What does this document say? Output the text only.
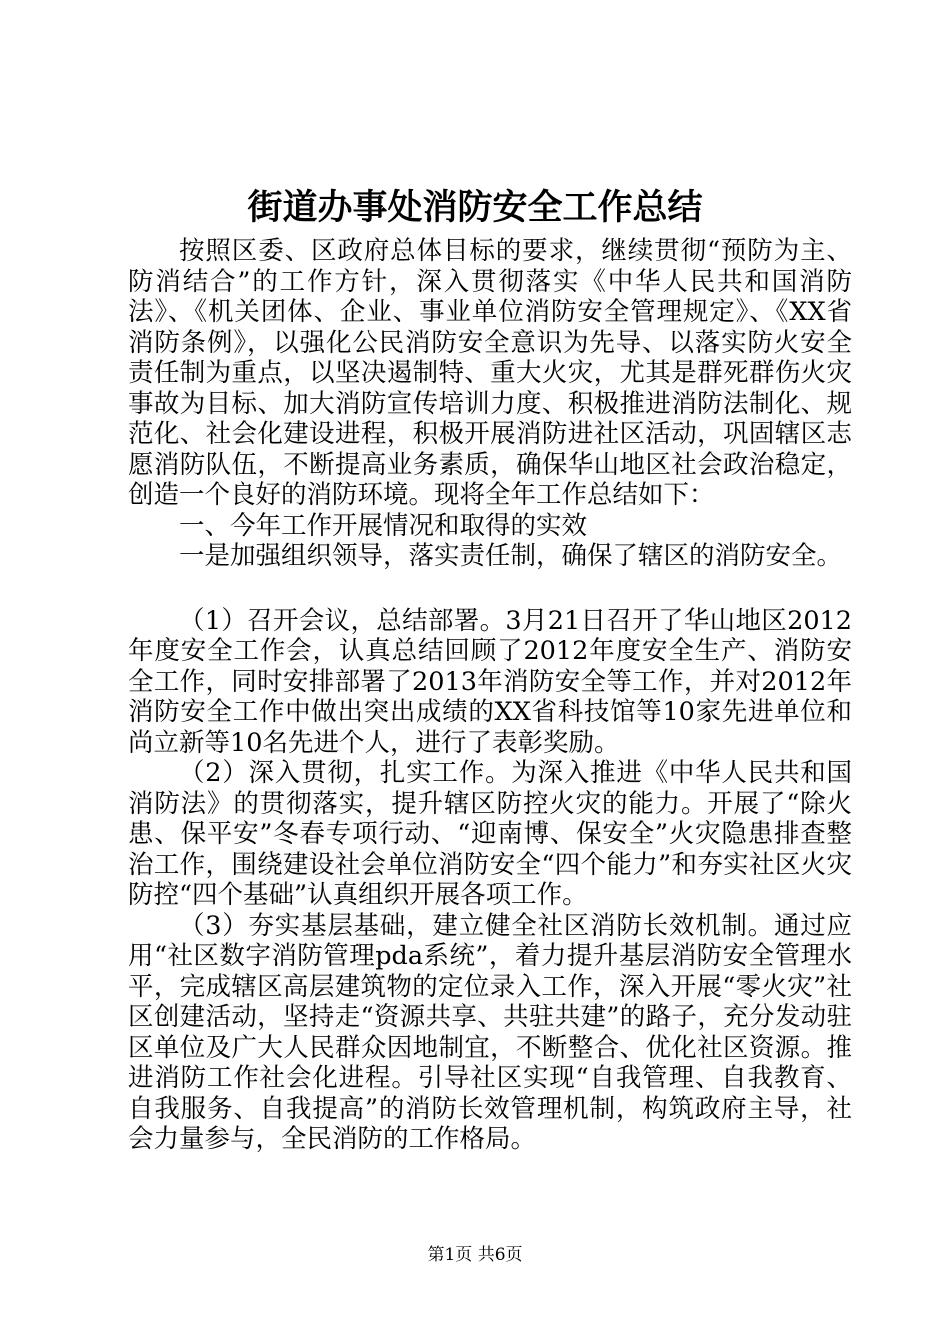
街道办事处消防安全工作总结

按照区委、区政府总体目标的要求，继续贯彻“预防为主、防消结合”的工作方针，深入贯彻落实《中华人民共和国消防法》、《机关团体、企业、事业单位消防安全管理规定》、《XX省消防条例》，以强化公民消防安全意识为先导、以落实防火安全责任制为重点，以坚决遏制特、重大火灾，尤其是群死群伤火灾事故为目标、加大消防宣传培训力度、积极推进消防法制化、规范化、社会化建设进程，积极开展消防进社区活动，巩固辖区志愿消防队伍，不断提高业务素质，确保华山地区社会政治稳定，创造一个良好的消防环境。现将全年工作总结如下：

一、今年工作开展情况和取得的实效

一是加强组织领导，落实责任制，确保了辖区的消防安全。

（1）召开会议，总结部署。3月21日召开了华山地区2012年度安全工作会，认真总结回顾了2012年度安全生产、消防安全工作，同时安排部署了2013年消防安全等工作，并对2012年消防安全工作中做出突出成绩的XX省科技馆等10家先进单位和尚立新等10名先进个人，进行了表彰奖励。

（2）深入贯彻，扎实工作。为深入推进《中华人民共和国消防法》的贯彻落实，提升辖区防控火灾的能力。开展了“除火患、保平安”冬春专项行动、“迎南博、保安全”火灾隐患排查整治工作，围绕建设社会单位消防安全“四个能力”和夯实社区火灾防控“四个基础”认真组织开展各项工作。

（3）夯实基层基础，建立健全社区消防长效机制。通过应用“社区数字消防管理pda系统”，着力提升基层消防安全管理水平，完成辖区高层建筑物的定位录入工作，深入开展“零火灾”社区创建活动，坚持走“资源共享、共驻共建”的路子，充分发动驻区单位及广大人民群众因地制宜，不断整合、优化社区资源。推进消防工作社会化进程。引导社区实现“自我管理、自我教育、自我服务、自我提高”的消防长效管理机制，构筑政府主导，社会力量参与，全民消防的工作格局。

第1页 共6页
